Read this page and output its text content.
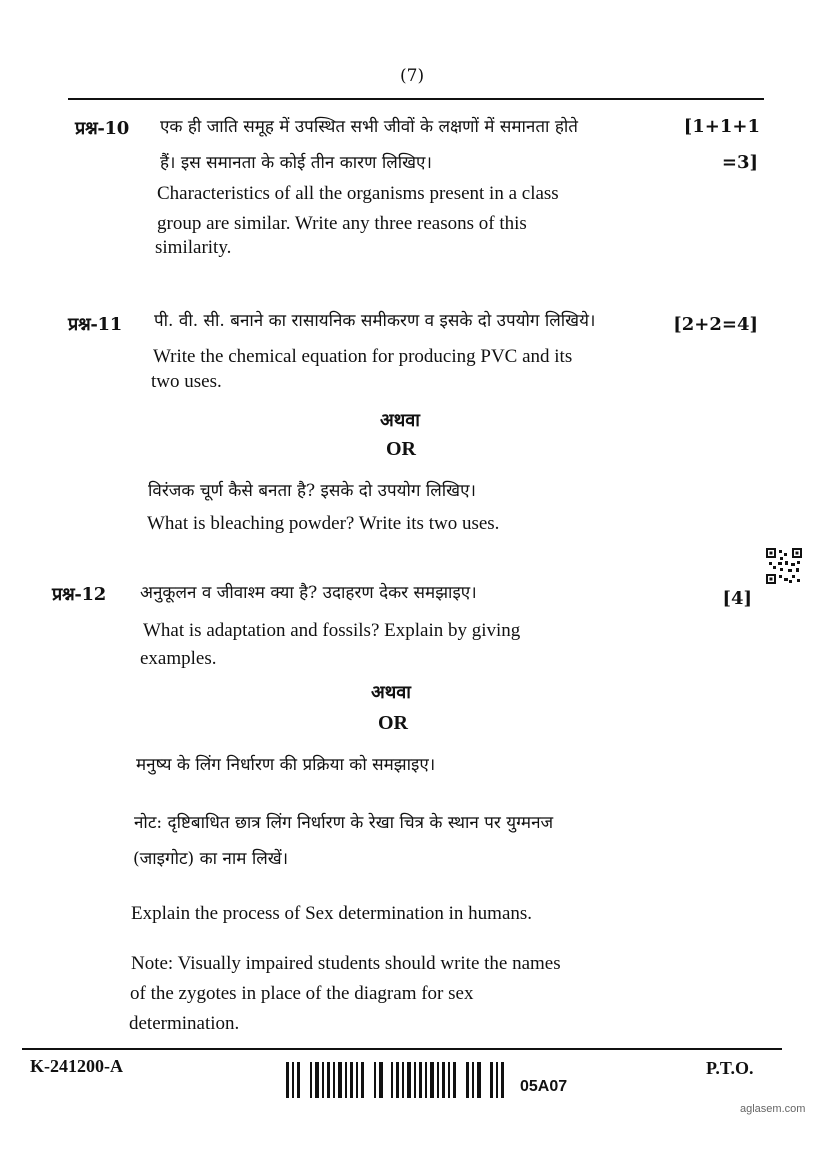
(7)
प्रश्न-10 एक ही जाति समूह में उपस्थित सभी जीवों के लक्षणों में समानता होते
हैं। इस समानता के कोई तीन कारण लिखिए।
[1+1+1
=3]
Characteristics of all the organisms present in a class
group are similar. Write any three reasons of this
similarity.
प्रश्न-11 पी. वी. सी. बनाने का रासायनिक समीकरण व इसके दो उपयोग लिखिये।	[2+2=4]
Write the chemical equation for producing PVC and its
two uses.
अथवा
OR
विरंजक चूर्ण कैसे बनता है? इसके दो उपयोग लिखिए।
What is bleaching powder? Write its two uses.
प्रश्न-12 अनुकूलन व जीवाश्म क्या है? उदाहरण देकर समझाइए।	[4]
What is adaptation and fossils? Explain by giving
examples.
अथवा
OR
मनुष्य के लिंग निर्धारण की प्रक्रिया को समझाइए।
नोट: दृष्टिबाधित छात्र लिंग निर्धारण के रेखा चित्र के स्थान पर युग्मनज
(जाइगोट) का नाम लिखें।
Explain the process of Sex determination in humans.
Note: Visually impaired students should write the names
of the zygotes in place of the diagram for sex
determination.
K-241200-A
05A07
P.T.O.
aglasem.com
